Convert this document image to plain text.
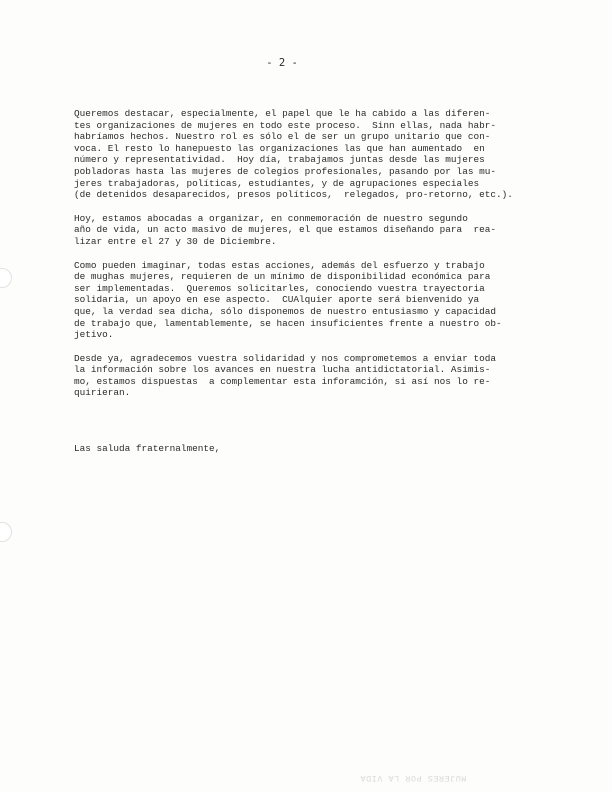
- 2 -
Queremos destacar, especialmente, el papel que le ha cabido a las diferen-
tes organizaciones de mujeres en todo este proceso.  Sinn ellas, nada habr-
habríamos hechos. Nuestro rol es sólo el de ser un grupo unitario que con-
voca. El resto lo hanepuesto las organizaciones las que han aumentado  en
número y representatividad.  Hoy día, trabajamos juntas desde las mujeres
pobladoras hasta las mujeres de colegios profesionales, pasando por las mu-
jeres trabajadoras, políticas, estudiantes, y de agrupaciones especiales
(de detenidos desaparecidos, presos políticos,  relegados, pro-retorno, etc.).
Hoy, estamos abocadas a organizar, en conmemoración de nuestro segundo
año de vida, un acto masivo de mujeres, el que estamos diseñando para  rea-
lizar entre el 27 y 30 de Diciembre.
Como pueden imaginar, todas estas acciones, además del esfuerzo y trabajo
de mughas mujeres, requieren de un mínimo de disponibilidad económica para
ser implementadas.  Queremos solicitarles, conociendo vuestra trayectoria
solidaria, un apoyo en ese aspecto.  CUAlquier aporte será bienvenido ya
que, la verdad sea dicha, sólo disponemos de nuestro entusiasmo y capacidad
de trabajo que, lamentablemente, se hacen insuficientes frente a nuestro ob-
jetivo.
Desde ya, agradecemos vuestra solidaridad y nos comprometemos a enviar toda
la información sobre los avances en nuestra lucha antidictatorial. Asimis-
mo, estamos dispuestas  a complementar esta inforamción, si así nos lo re-
quirieran.
Las saluda fraternalmente,
MUJERES POR LA VIDA
